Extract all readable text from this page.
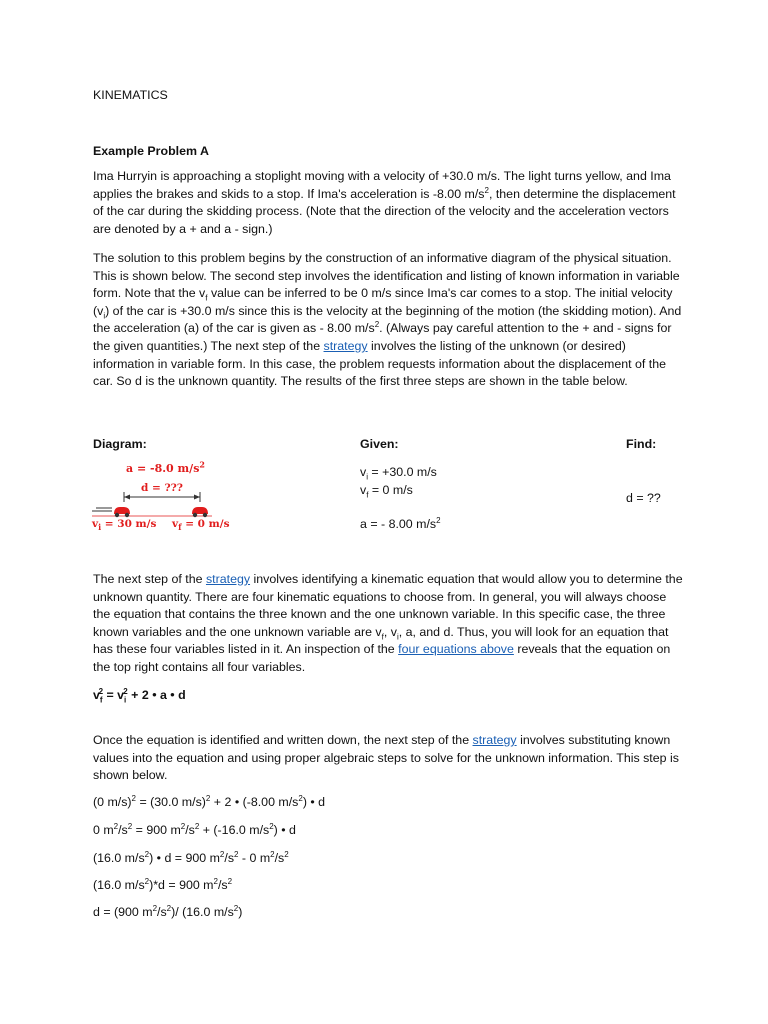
KINEMATICS
Example Problem A

Ima Hurryin is approaching a stoplight moving with a velocity of +30.0 m/s. The light turns yellow, and Ima applies the brakes and skids to a stop. If Ima's acceleration is -8.00 $m/s^2$, then determine the displacement of the car during the skidding process. (Note that the direction of the velocity and the acceleration vectors are denoted by a + and a - sign.)

The solution to this problem begins by the construction of an informative diagram of the physical situation. This is shown below. The second step involves the identification and listing of known information in variable form. Note that the $v_f$ value can be inferred to be 0 m/s since Ima's car comes to a stop. The initial velocity $(v_i)$ of the car is +30.0 m/s since this is the velocity at the beginning of the motion (the skidding motion). And the acceleration (a) of the car is given as - 8.00 $m/s^2$. (Always pay careful attention to the + and - signs for the given quantities.) The next step of the strategy involves the listing of the unknown (or desired) information in variable form. In this case, the problem requests information about the displacement of the car. So d is the unknown quantity. The results of the first three steps are shown in the table below.

Diagram:	Given:	Find:
a = -8.0 $m/s^2$
d = ???
$v_i = 30$ m/s $v_f = 0$ m/s
$v_i = +30.0$ m/s
$v_f = 0$ m/s
a = - 8.00 $m/s^2$
d = ??

The next step of the strategy involves identifying a kinematic equation that would allow you to determine the unknown quantity. There are four kinematic equations to choose from. In general, you will always choose the equation that contains the three known and the one unknown variable. In this specific case, the three known variables and the one unknown variable are $v_f$, $v_i$, a, and d. Thus, you will look for an equation that has these four variables listed in it. An inspection of the four equations above reveals that the equation on the top right contains all four variables.

$v_f^2 = v_i^2 + 2$ • a • d

Once the equation is identified and written down, the next step of the strategy involves substituting known values into the equation and using proper algebraic steps to solve for the unknown information. This step is shown below.

(0 m/s)$^2$ = (30.0 m/s)$^2$ + 2 • (-8.00 $m/s^2$) • d
0 $m^2/s^2 = 900$ $m^2/s^2 + (-16.0$ $m/s^2$) • d
(16.0 $m/s^2$) • d = 900 $m^2/s^2 - 0$ $m^2/s^2$
(16.0 $m/s^2)*d = 900$ $m^2/s^2$
d = (900 $m^2/s^2)/$ (16.0 $m/s^2$)
